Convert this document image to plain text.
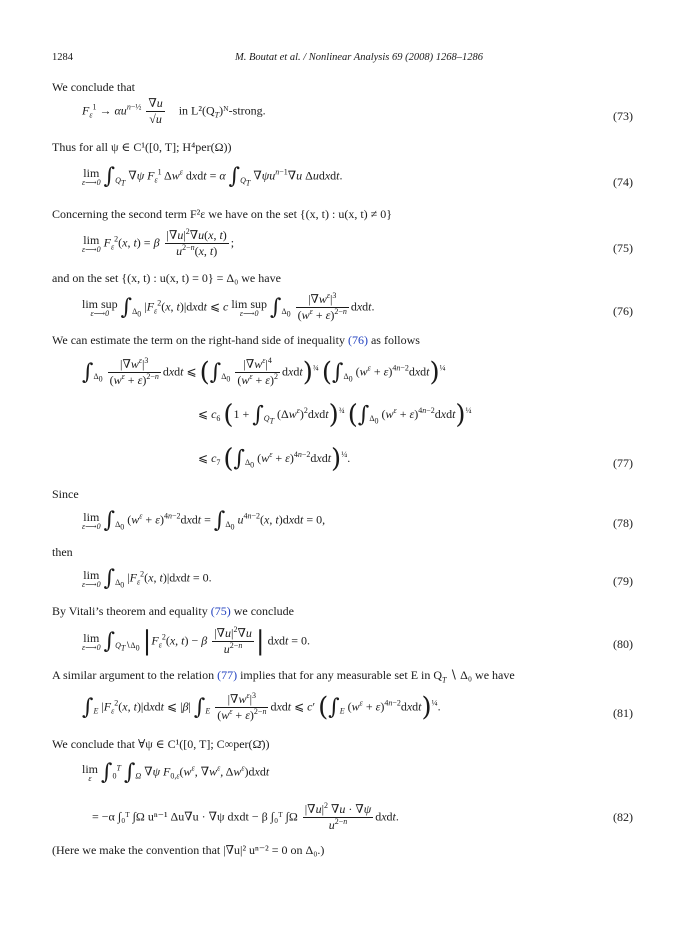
1284	M. Boutat et al. / Nonlinear Analysis 69 (2008) 1268–1286
We conclude that
$F_\varepsilon^1 \to \alpha u^{n-\frac{1}{2}} \frac{\nabla u}{√u}$ in $L^2(Q_T)ᴺ$-strong.	(73)
Thus for all ψ ∈ C¹([0, T]; H⁴per(Ω))
lim
ε⟶0 $\int_{Q_T}$ ∇ψ $F_\varepsilon^1$ $\Delta w^\varepsilon$ dxdt = α $\int_{Q_T}$ $\nabla\psi u^{n-1}\nabla u$ Δudxdt.	(74)
Concerning the second term F²ε we have on the set {(x, t) : u(x, t) ≠ 0}
lim
ε⟶0 $F_\varepsilon^2(x$, t) = β $\frac{|\nabla u|^2\nabla u(x, t)}{u^{2-n}(x, t)}$ ;	(75)
and on the set {(x, t) : u(x, t) = 0} = Δ₀ we have
lim sup
ε⟶0 $\int_{\Delta_0}$ $|F_\varepsilon^2(x$, t)|dxdt ⩽ c lim sup
ε⟶0 $\int_{\Delta_0} \frac{|\nabla w^\varepsilon|^3}{(w^\varepsilon + \varepsilon)^{2-n}}$ dxdt.	(76)
We can estimate the term on the right-hand side of inequality (76) as follows
$\int_{\Delta_0} \frac{|\nabla w^\varepsilon|^3}{(w^\varepsilon + \varepsilon)^{2-n}}$ dxdt ⩽ ($\int_{\Delta_0} \frac{|\nabla w^\varepsilon|^4}{(w^\varepsilon + \varepsilon)^2}$ dxdt)$^{\frac{3}{4}}$ ($\int_{\Delta_0}$ ($w^\varepsilon$ + $\varepsilon)^{4n-2}dxdt)^{\frac{1}{4}}$
⩽ $c_6$ ($1 + \int_{Q_T}$ $(\Delta w^\varepsilon)^2dxdt)^{\frac{3}{4}}$ ($\int_{\Delta_0}$ ($w^\varepsilon$ + $\varepsilon)^{4n-2}dxdt)^{\frac{1}{4}}$
⩽ $c_7$ ($\int_{\Delta_0}$ ($w^\varepsilon$ + $\varepsilon)^{4n-2}dxdt)^{\frac{1}{4}}$.	(77)
Since
lim
ε⟶0 $\int_{\Delta_0}$ ($w^\varepsilon$ + $\varepsilon)^{4n-2}dxdt = \int_{\Delta_0}$ $u^{4n-2}(x$, t)dxdt = 0,	(78)
then
lim
ε⟶0 $\int_{\Delta_0}$ $|F_\varepsilon^2(x$, t)|dxdt = 0.	(79)
By Vitali’s theorem and equality (75) we conclude
lim
ε⟶0 $\int_{Q_T∖\Delta_0}$ $|F_\varepsilon^2(x$, t) − β $\frac{|\nabla u|^2\nabla u}{u^{2-n}}$ | dxdt = 0.	(80)
A similar argument to the relation (77) implies that for any measurable set E in $Q_T$ ∖ Δ₀ we have
$\int_E$ $|F_\varepsilon^2(x$, t)|dxdt ⩽ |β| $\int_E \frac{|\nabla w^\varepsilon|^3}{(w^\varepsilon + \varepsilon)^{2-n}}$ dxdt ⩽ c′ ($\int_E$ ($w^\varepsilon$ + $\varepsilon)^{4n-2}dxdt)^{\frac{1}{4}}$.	(81)
We conclude that ∀ψ ∈ C¹([0, T]; C∞per(Ω̄))
lim
ε $\int_0^T$ $\int_\Omega$ ∇ψ $F_{0,\varepsilon}(w^\varepsilon$, $\nabla w^\varepsilon$, $\Delta w^\varepsilon)dxdt$
= −α ∫₀ᵀ ∫Ω uⁿ⁻¹ Δu∇u · ∇ψ dxdt − β ∫₀ᵀ $\int\Omega \frac{|\nabla u|^2 \nabla u \cdot \nabla\psi}{u^{2-n}}$ dxdt.	(82)
(Here we make the convention that |∇u|² uⁿ⁻² = 0 on Δ₀.)
